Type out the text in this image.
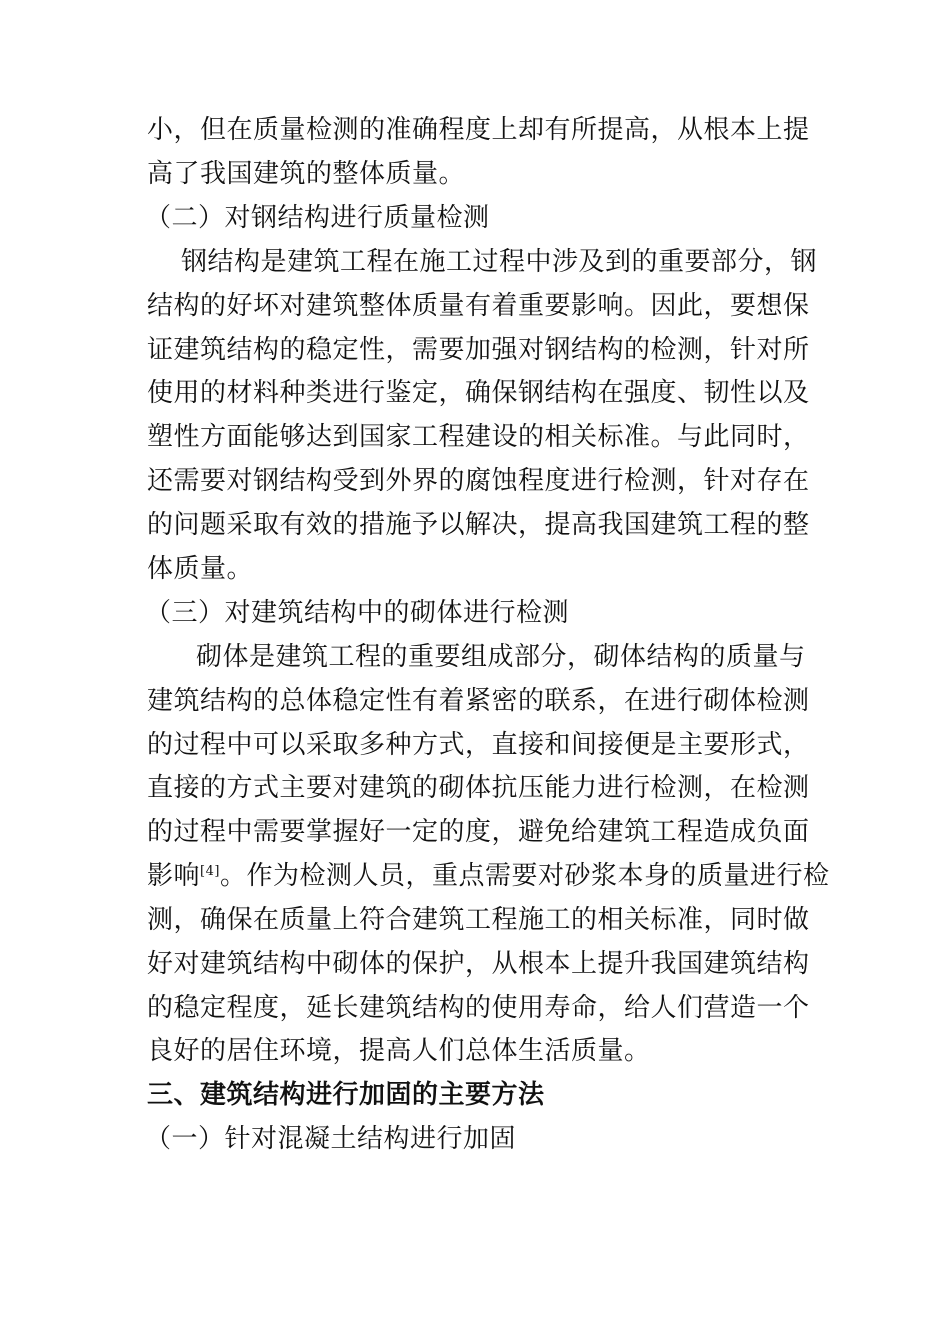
小，但在质量检测的准确程度上却有所提高，从根本上提
高了我国建筑的整体质量。
（二）对钢结构进行质量检测
钢结构是建筑工程在施工过程中涉及到的重要部分，钢
结构的好坏对建筑整体质量有着重要影响。因此，要想保
证建筑结构的稳定性，需要加强对钢结构的检测，针对所
使用的材料种类进行鉴定，确保钢结构在强度、韧性以及
塑性方面能够达到国家工程建设的相关标准。与此同时，
还需要对钢结构受到外界的腐蚀程度进行检测，针对存在
的问题采取有效的措施予以解决，提高我国建筑工程的整
体质量。
（三）对建筑结构中的砌体进行检测
砌体是建筑工程的重要组成部分，砌体结构的质量与
建筑结构的总体稳定性有着紧密的联系，在进行砌体检测
的过程中可以采取多种方式，直接和间接便是主要形式，
直接的方式主要对建筑的砌体抗压能力进行检测，在检测
的过程中需要掌握好一定的度，避免给建筑工程造成负面
影响[4]。作为检测人员，重点需要对砂浆本身的质量进行检
测，确保在质量上符合建筑工程施工的相关标准，同时做
好对建筑结构中砌体的保护，从根本上提升我国建筑结构
的稳定程度，延长建筑结构的使用寿命，给人们营造一个
良好的居住环境，提高人们总体生活质量。
三、建筑结构进行加固的主要方法
（一）针对混凝土结构进行加固
